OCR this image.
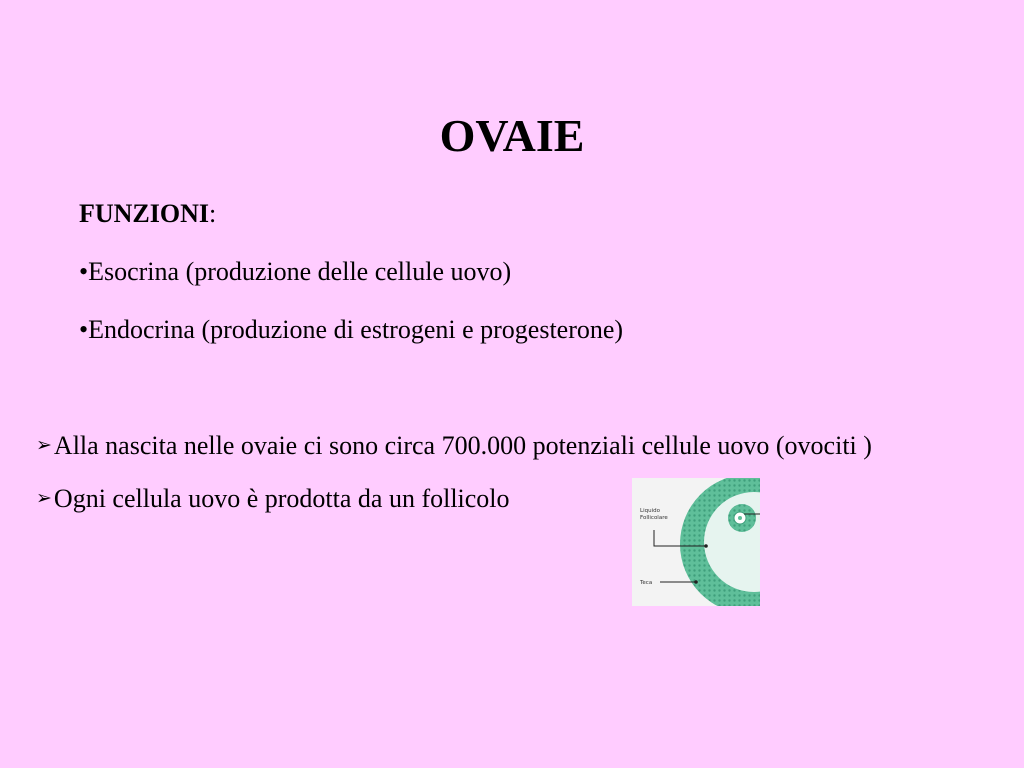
OVAIE
FUNZIONI:
•Esocrina (produzione delle cellule uovo)
•Endocrina (produzione di estrogeni e progesterone)
➢Alla nascita nelle ovaie ci sono circa 700.000 potenziali cellule uovo (ovociti )
➢Ogni cellula uovo è prodotta da un follicolo	Liquido
Follicolare
Teca
